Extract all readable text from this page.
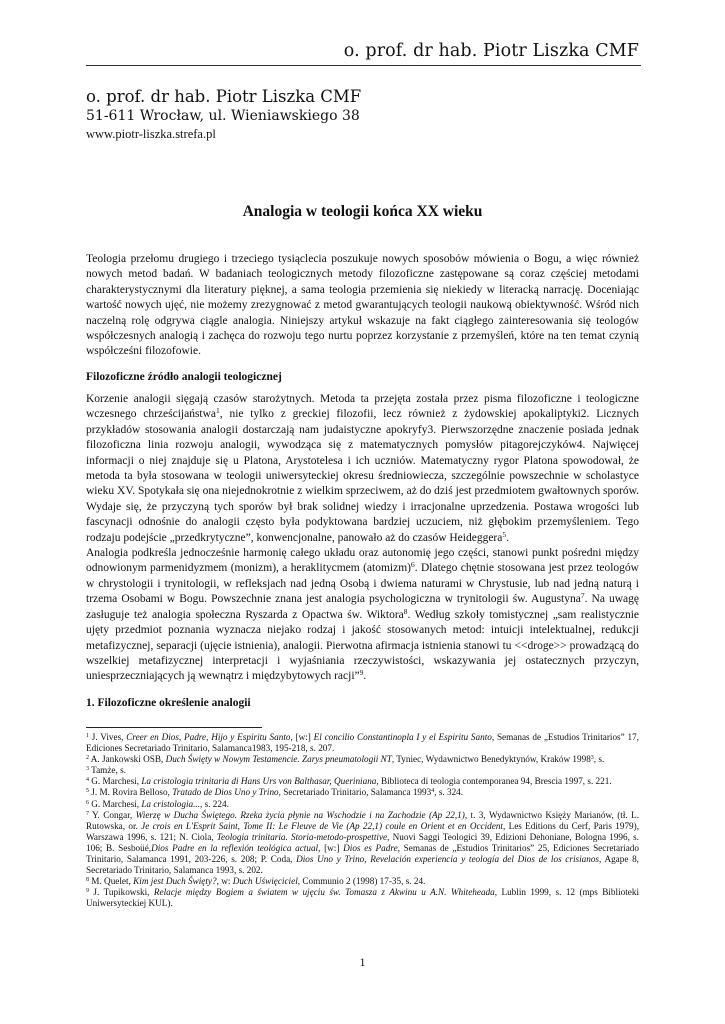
o. prof. dr hab. Piotr Liszka CMF
o. prof. dr hab. Piotr Liszka CMF
51-611 Wrocław, ul. Wieniawskiego 38
www.piotr-liszka.strefa.pl
Analogia w teologii końca XX wieku
Teologia przełomu drugiego i trzeciego tysiąclecia poszukuje nowych sposobów mówienia o Bogu, a więc również nowych metod badań. W badaniach teologicznych metody filozoficzne zastępowane są coraz częściej metodami charakterystycznymi dla literatury pięknej, a sama teologia przemienia się niekiedy w literacką narrację. Doceniając wartość nowych ujęć, nie możemy zrezygnować z metod gwarantujących teologii naukową obiektywność. Wśród nich naczelną rolę odgrywa ciągle analogia. Niniejszy artykuł wskazuje na fakt ciągłego zainteresowania się teologów współczesnych analogią i zachęca do rozwoju tego nurtu poprzez korzystanie z przemyśleń, które na ten temat czynią współcześni filozofowie.
Filozoficzne źródło analogii teologicznej
Korzenie analogii sięgają czasów starożytnych. Metoda ta przejęta została przez pisma filozoficzne i teologiczne wczesnego chrześcijaństwa$^1$, nie tylko z greckiej filozofii, lecz również z żydowskiej apokaliptyki2. Licznych przykładów stosowania analogii dostarczają nam judaistyczne apokryfy3. Pierwszorzędne znaczenie posiada jednak filozoficzna linia rozwoju analogii, wywodząca się z matematycznych pomysłów pitagorejczyków4. Najwięcej informacji o niej znajduje się u Platona, Arystotelesa i ich uczniów. Matematyczny rygor Platona spowodował, że metoda ta była stosowana w teologii uniwersyteckiej okresu średniowiecza, szczególnie powszechnie w scholastyce wieku XV. Spotykała się ona niejednokrotnie z wielkim sprzeciwem, aż do dziś jest przedmiotem gwałtownych sporów. Wydaje się, że przyczyną tych sporów był brak solidnej wiedzy i irracjonalne uprzedzenia. Postawa wrogości lub fascynacji odnośnie do analogii często była podyktowana bardziej uczuciem, niż głębokim przemyśleniem. Tego rodzaju podejście „przedkrytyczne”, konwencjonalne, panowało aż do czasów Heideggera$^5$.
Analogia podkreśla jednocześnie harmonię całego układu oraz autonomię jego części, stanowi punkt pośredni między odnowionym parmenidyzmem (monizm), a heraklitycmem (atomizm)$^6$. Dlatego chętnie stosowana jest przez teologów w chrystologii i trynitologii, w refleksjach nad jedną Osobą i dwiema naturami w Chrystusie, lub nad jedną naturą i trzema Osobami w Bogu. Powszechnie znana jest analogia psychologiczna w trynitologii św. Augustyna$^7$. Na uwagę zasługuje też analogia społeczna Ryszarda z Opactwa św. Wiktora$^8$. Według szkoły tomistycznej „sam realistycznie ujęty przedmiot poznania wyznacza niejako rodzaj i jakość stosowanych metod: intuicji intelektualnej, redukcji metafizycznej, separacji (ujęcie istnienia), analogii. Pierwotna afirmacja istnienia stanowi tu <<droge>> prowadzącą do wszelkiej metafizycznej interpretacji i wyjaśniania rzeczywistości, wskazywania jej ostatecznych przyczyn, uniesprzeczniających ją wewnątrz i międzybytowych racji”$^9$.
1. Filozoficzne określenie analogii

$^1$ J. Vives, Creer en Dios, Padre, Hijo y Espiritu Santo, [w:] El concilio Constantinopla I y el Espiritu Santo, Semanas de „Estudios Trinitarios” 17, Ediciones Secretariado Trinitario, Salamanca1983, 195-218, s. 207.

$^2$ A. Jankowski OSB, Duch Święty w Nowym Testamencie. Zarys pneumatologii NT, Tyniec, Wydawnictwo Benedyktynów, Kraków 1998$^3$, s.

$^3$ Tamże, s.

$^4$ G. Marchesi, La cristologia trinitaria di Hans Urs von Balthasar, Queriniana, Biblioteca di teologia contemporanea 94, Brescia 1997, s. 221.

$^5$ J. M. Rovira Belloso, Tratado de Dios Uno y Trino, Secretariado Trinitario, Salamanca 1993$^4$, s. 324.

$^6$ G. Marchesi, La cristologia..., s. 224.

$^7$ Y. Congar, Wierzę w Ducha Świętego. Rzeka życia płynie na Wschodzie i na Zachodzie (Ap 22,1), t. 3, Wydawnictwo Księży Marianów, (tł. L. Rutowska, or. Je crois en L'Esprit Saint, Tome II: Le Fleuve de Vie (Ap 22,1) coule en Orient et en Occident, Les Editions du Cerf, Paris 1979), Warszawa 1996, s. 121; N. Ciola, Teologia trinitaria. Storia-metodo-prospettive, Nuovi Saggi Teologici 39, Edizioni Dehoniane, Bologna 1996, s. 106; B. Sesboüé,Dios Padre en la reflexión teológica actual, [w:] Dios es Padre, Semanas de „Estudios Trinitarios” 25, Ediciones Secretariado Trinitario, Salamanca 1991, 203-226, s. 208; P. Coda, Dios Uno y Trino, Revelación experiencia y teología del Dios de los crisianos, Agape 8, Secretariado Trinitario, Salamanca 1993, s. 202.

$^8$ M. Quelet, Kim jest Duch Święty?, w: Duch Uświęciciel, Communio 2 (1998) 17-35, s. 24.

$^9$ J. Tupikowski, Relacje między Bogiem a światem w ujęciu św. Tomasza z Akwinu u A.N. Whiteheada, Lublin 1999, s. 12 (mps Biblioteki Uniwersyteckiej KUL).

1
